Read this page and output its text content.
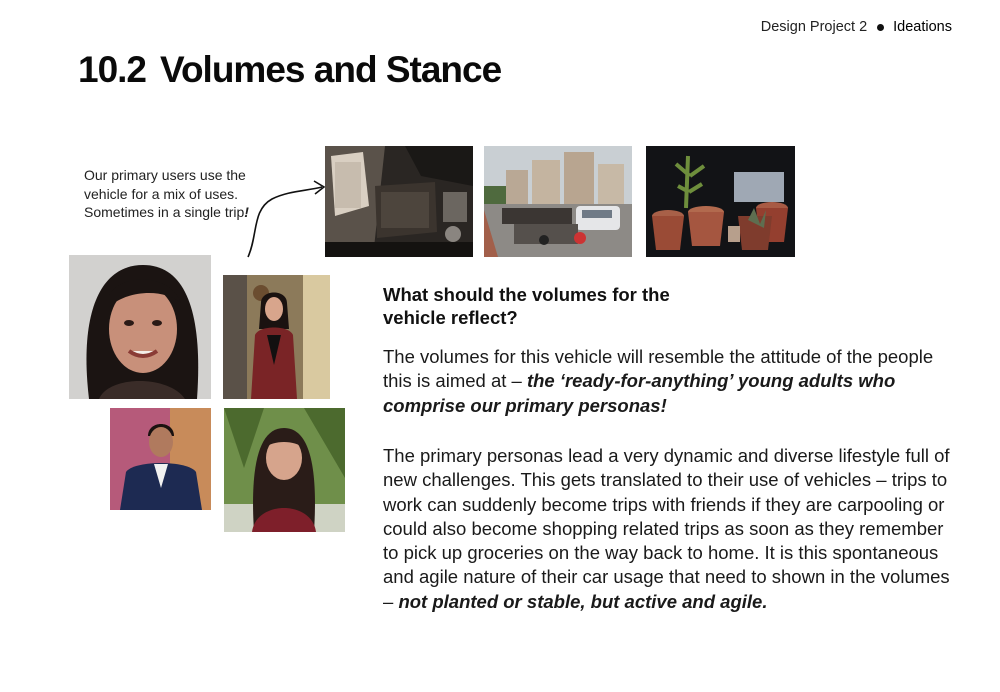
Design Project 2 Ideations
10.2 Volumes and Stance
Our primary users use the vehicle for a mix of uses. Sometimes in a single trip!
What should the volumes for the vehicle reflect?

The volumes for this vehicle will resemble the attitude of the people this is aimed at – the ‘ready-for-anything’ young adults who comprise our primary personas!

The primary personas lead a very dynamic and diverse lifestyle full of new challenges. This gets translated to their use of vehicles – trips to work can suddenly become trips with friends if they are carpooling or could also become shopping related trips as soon as they remember to pick up groceries on the way back to home. It is this spontaneous and agile nature of their car usage that need to shown in the volumes – not planted or stable, but active and agile.
